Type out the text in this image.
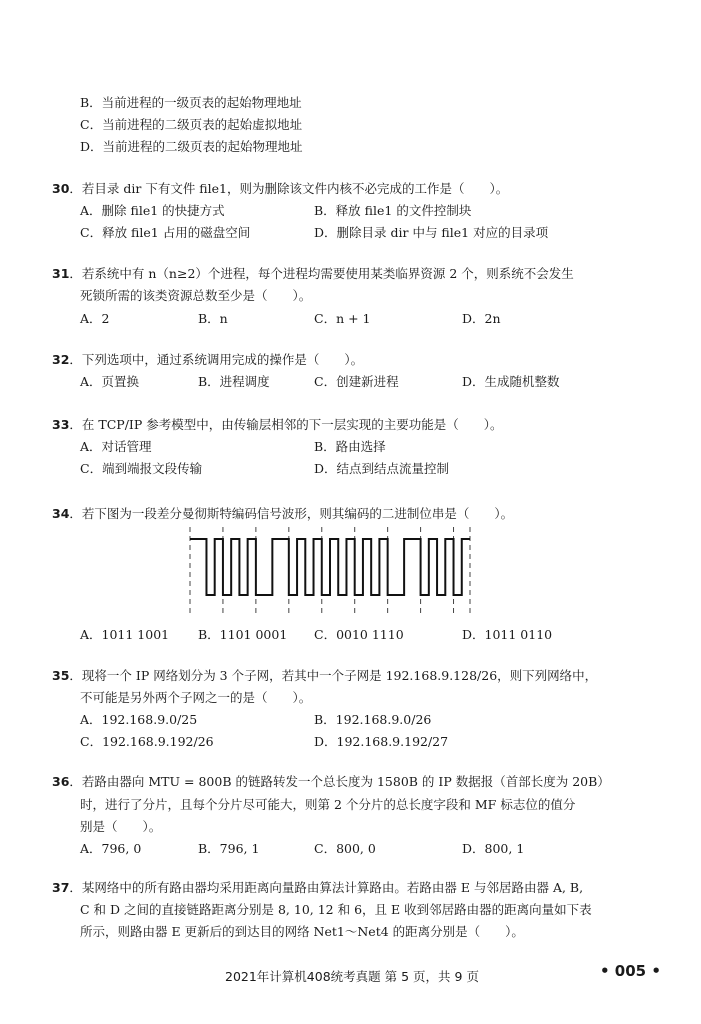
B．当前进程的一级页表的起始物理地址
C．当前进程的二级页表的起始虚拟地址
D．当前进程的二级页表的起始物理地址
30．若目录 dir 下有文件 file1，则为删除该文件内核不必完成的工作是（　　）。
A．删除 file1 的快捷方式	B．释放 file1 的文件控制块
C．释放 file1 占用的磁盘空间	D．删除目录 dir 中与 file1 对应的目录项
31．若系统中有 n（n≥2）个进程，每个进程均需要使用某类临界资源 2 个，则系统不会发生
死锁所需的该类资源总数至少是（　　）。
A．2	B．n	C．n + 1	D．2n
32．下列选项中，通过系统调用完成的操作是（　　）。
A．页置换	B．进程调度	C．创建新进程	D．生成随机整数
33．在 TCP/IP 参考模型中，由传输层相邻的下一层实现的主要功能是（　　）。
A．对话管理	B．路由选择
C．端到端报文段传输	D．结点到结点流量控制
34．若下图为一段差分曼彻斯特编码信号波形，则其编码的二进制位串是（　　）。
A．1011 1001 B．1101 0001 C．0010 1110	D．1011 0110
35．现将一个 IP 网络划分为 3 个子网，若其中一个子网是 192.168.9.128/26，则下列网络中，
不可能是另外两个子网之一的是（　　）。
A．192.168.9.0/25	B．192.168.9.0/26
C．192.168.9.192/26	D．192.168.9.192/27
36．若路由器向 MTU = 800B 的链路转发一个总长度为 1580B 的 IP 数据报（首部长度为 20B）
时，进行了分片，且每个分片尽可能大，则第 2 个分片的总长度字段和 MF 标志位的值分
别是（　　）。
A．796, 0	B．796, 1	C．800, 0	D．800, 1
37．某网络中的所有路由器均采用距离向量路由算法计算路由。若路由器 E 与邻居路由器 A, B,
C 和 D 之间的直接链路距离分别是 8, 10, 12 和 6，且 E 收到邻居路由器的距离向量如下表
所示，则路由器 E 更新后的到达目的网络 Net1～Net4 的距离分别是（　　）。
2021年计算机408统考真题 第 5 页，共 9 页	• 005 •
